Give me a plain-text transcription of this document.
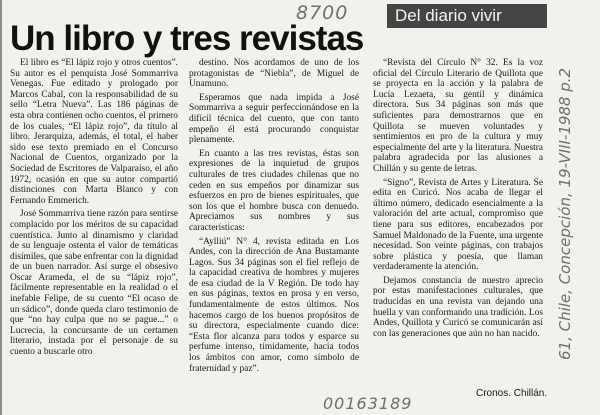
8700	Del diario vivir
Un libro y tres revistas

El libro es “El lápiz rojo y otros cuentos”. Su autor es el penquista José Sommarriva Venegas. Fue editado y prologado por Marcos Cabal, con la responsabilidad de su sello “Letra Nueva”. Las 186 páginas de esta obra contienen ocho cuentos, el primero de los cuales, “El lápiz rojo”, da título al libro. Jerarquiza, además, el total, el haber sido ese texto premiado en el Concurso Nacional de Cuentos, organizado por la Sociedad de Escritores de Valparaíso, el año 1972, ocasión en que su autor compartió distinciones con Marta Blanco y con Fernando Emmerich.

José Sommarriva tiene razón para sentirse complacido por los méritos de su capacidad cuentística. Junto al dinamismo y claridad de su lenguaje ostenta el valor de temáticas disímiles, que sabe enfrentar con la dignidad de un buen narrador. Así surge el obsesivo Oscar Arameda, el de su “lápiz rojo”, fácilmente representable en la realidad o el inefable Felipe, de su cuento “El ocaso de un sádico”, donde queda claro testimonio de que “no hay culpa que no se pague...” o Lucrecia, la concursante de un certamen literario, instada por el personaje de su cuento a buscarle otro

destino. Nos acordamos de uno de los protagonistas de “Niebla”, de Miguel de Unamuno.

Esperamos que nada impida a José Sommarriva a seguir perfeccionándose en la difícil técnica del cuento, que con tanto empeño él está procurando conquistar plenamente.

En cuanto a las tres revistas, éstas son expresiones de la inquietud de grupos culturales de tres ciudades chilenas que no ceden en sus empeños por dinamizar sus esfuerzos en pro de bienes espirituales, que son los que el hombre busca con denuedo. Apreciamos sus nombres y sus características:

“Aylliú” N° 4, revista editada en Los Andes, con la dirección de Ana Bustamante Lagos. Sus 34 páginas son el fiel reflejo de la capacidad creativa de hombres y mujeres de esa ciudad de la V Región. De todo hay en sus páginas, textos en prosa y en verso, fundamentalmente de estos últimos. Nos hacemos cargo de los buenos propósitos de su directora, especialmente cuando dice: “Esta flor alcanza para todos y esparce su perfume intenso, tímidamente, hacia todos los ámbitos con amor, como símbolo de fraternidad y paz”.

“Revista del Círculo N° 32. Es la voz oficial del Círculo Literario de Quillota que se proyecta en la acción y la palabra de Lucía Lezaeta, su gentil y dinámica directora. Sus 34 páginas son más que suficientes para demostrarnos que en Quillota se mueven voluntades y sentimientos en pro de la cultura y muy especialmente del arte y la literatura. Nuestra palabra agradecida por las alusiones a Chillán y su gente de letras.

“Signo”, Revista de Artes y Literatura. Se edita en Curicó. Nos acaba de llegar el último número, dedicado esencialmente a la valoración del arte actual, compromiso que tiene para sus editores, encabezados por Samuel Maldonado de la Fuente, una urgente necesidad. Son veinte páginas, con trabajos sobre plástica y poesía, que llaman verdaderamente la atención.

Dejamos constancia de nuestro aprecio por estas manifestaciones culturales, que traducidas en una revista van dejando una huella y van conformando una tradición. Los Andes, Quillota y Curicó se comunicarán así con las generaciones que aún no han nacido.

Cronos. Chillán.
00163189
61, Chile, Concepción, 19-VIII-1988 p.2
